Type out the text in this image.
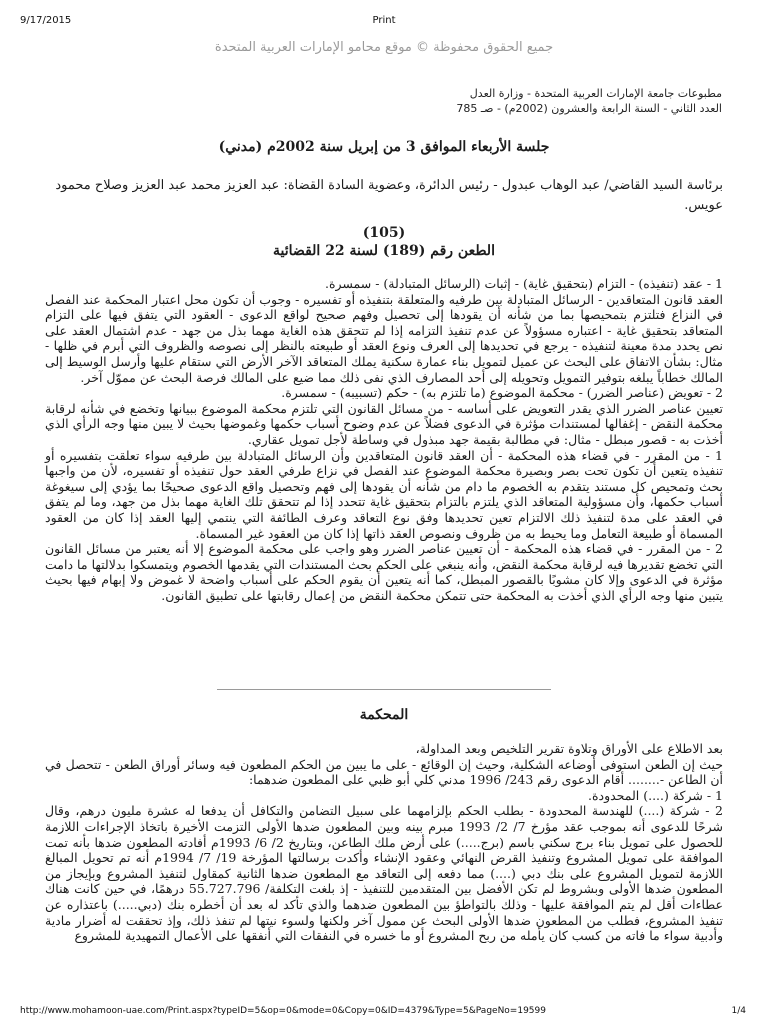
9/17/2015	Print
جميع الحقوق محفوظة © موقع محامو الإمارات العربية المتحدة
مطبوعات جامعة الإمارات العربية المتحدة - وزارة العدل
العدد الثاني - السنة الرابعة والعشرون (2002م) - صـ 785
جلسة الأربعاء الموافق 3 من إبريل سنة 2002م (مدني)
برئاسة السيد القاضي/ عبد الوهاب عبدول - رئيس الدائرة، وعضوية السادة القضاة: عبد العزيز محمد عبد العزيز وصلاح محمود عويس.
(105)
الطعن رقم (189) لسنة 22 القضائية

1 - عقد (تنفيذه) - التزام (بتحقيق غاية) - إثبات (الرسائل المتبادلة) - سمسرة.

العقد قانون المتعاقدين - الرسائل المتبادلة بين طرفيه والمتعلقة بتنفيذه أو تفسيره - وجوب أن تكون محل اعتبار المحكمة عند الفصل في النزاع فتلتزم بتمحيصها بما من شأنه أن يقودها إلى تحصيل وفهم صحيح لواقع الدعوى - العقود التي يتفق فيها على التزام المتعاقد بتحقيق غاية - اعتباره مسؤولاً عن عدم تنفيذ التزامه إذا لم تتحقق هذه الغاية مهما بذل من جهد - عدم اشتمال العقد على نص يحدد مدة معينة لتنفيذه - يرجع في تحديدها إلى العرف ونوع العقد أو طبيعته بالنظر إلى نصوصه والظروف التي أبرم في ظلها - مثال: بشأن الاتفاق على البحث عن عميل لتمويل بناء عمارة سكنية يملك المتعاقد الآخر الأرض التي ستقام عليها وأرسل الوسيط إلى المالك خطاباً يبلغه بتوفير التمويل وتحويله إلى أحد المصارف الذي نفى ذلك مما ضيع على المالك فرصة البحث عن مموّل آخر.

2 - تعويض (عناصر الضرر) - محكمة الموضوع (ما تلتزم به) - حكم (تسبيبه) - سمسرة.

تعيين عناصر الضرر الذي يقدر التعويض على أساسه - من مسائل القانون التي تلتزم محكمة الموضوع ببيانها وتخضع في شأنه لرقابة محكمة النقض - إغفالها لمستندات مؤثرة في الدعوى فضلاً عن عدم وضوح أسباب حكمها وغموضها بحيث لا يبين منها وجه الرأي الذي أخذت به - قصور مبطل - مثال: في مطالبة بقيمة جهد مبذول في وساطة لأجل تمويل عقاري.

1 - من المقرر - في قضاء هذه المحكمة - أن العقد قانون المتعاقدين وأن الرسائل المتبادلة بين طرفيه سواء تعلقت بتفسيره أو تنفيذه يتعين أن تكون تحت بصر وبصيرة محكمة الموضوع عند الفصل في نزاع طرفي العقد حول تنفيذه أو تفسيره، لأن من واجبها بحث وتمحيص كل مستند يتقدم به الخصوم ما دام من شأنه أن يقودها إلى فهم وتحصيل واقع الدعوى صحيحًا بما يؤدي إلى سيغوغة أسباب حكمها، وأن مسؤولية المتعاقد الذي يلتزم بالتزام بتحقيق غاية تتحدد إذا لم تتحقق تلك الغاية مهما بذل من جهد، وما لم يتفق في العقد على مدة لتنفيذ ذلك الالتزام تعين تحديدها وفق نوع التعاقد وعرف الطائفة التي ينتمي إليها العقد إذا كان من العقود المسماة أو طبيعة التعامل وما يحيط به من ظروف ونصوص العقد ذاتها إذا كان من العقود غير المسماة.

2 - من المقرر - في قضاء هذه المحكمة - أن تعيين عناصر الضرر وهو واجب على محكمة الموضوع إلا أنه يعتبر من مسائل القانون التي تخضع تقديرها فيه لرقابة محكمة النقض، وأنه ينبغي على الحكم بحث المستندات التي يقدمها الخصوم ويتمسكوا بدلالتها ما دامت مؤثرة في الدعوى وإلا كان مشوبًا بالقصور المبطل، كما أنه يتعين أن يقوم الحكم على أسباب واضحة لا غموض ولا إبهام فيها بحيث يتبين منها وجه الرأي الذي أخذت به المحكمة حتى تتمكن محكمة النقض من إعمال رقابتها على تطبيق القانون.

المحكمة

بعد الاطلاع على الأوراق وتلاوة تقرير التلخيص وبعد المداولة،

حيث إن الطعن استوفى أوضاعه الشكلية، وحيث إن الوقائع - على ما يبين من الحكم المطعون فيه وسائر أوراق الطعن - تتحصل في أن الطاعن -........ أقام الدعوى رقم 243/ 1996 مدني كلي أبو ظبي على المطعون ضدهما:

1 - شركة (....) المحدودة.

2 - شركة (....) للهندسة المحدودة - بطلب الحكم بإلزامهما على سبيل التضامن والتكافل أن يدفعا له عشرة مليون درهم، وقال شرحًا للدعوى أنه بموجب عقد مؤرخ 7/ 2/ 1993 مبرم بينه وبين المطعون ضدها الأولى التزمت الأخيرة باتخاذ الإجراءات اللازمة للحصول على تمويل بناء برج سكني باسم (برج.....) على أرض ملك الطاعن، وبتاريخ 2/ 6/ 1993م أفادته المطعون ضدها بأنه تمت الموافقة على تمويل المشروع وتنفيذ القرض النهائي وعقود الإنشاء وأكدت برسالتها المؤرخة 19/ 7/ 1994م أنه تم تحويل المبالغ اللازمة لتمويل المشروع على بنك دبي (....) مما دفعه إلى التعاقد مع المطعون ضدها الثانية كمقاول لتنفيذ المشروع وبإيجاز من المطعون ضدها الأولى وبشروط لم تكن الأفضل بين المتقدمين للتنفيذ - إذ بلغت التكلفة/ 55.727.796 درهمًا، في حين كانت هناك عطاءات أقل لم يتم الموافقة عليها - وذلك بالتواطؤ بين المطعون ضدهما والذي تأكد له بعد أن أخطره بنك (دبي.....) باعتذاره عن تنفيذ المشروع، فطلب من المطعون ضدها الأولى البحث عن ممول آخر ولكنها ولسوء نيتها لم تنفذ ذلك، وإذ تحققت له أضرار مادية وأدبية سواء ما فاته من كسب كان يأمله من ربح المشروع أو ما خسره في النفقات التي أنفقها على الأعمال التمهيدية للمشروع

http://www.mohamoon-uae.com/Print.aspx?typeID=5&op=0&mode=0&Copy=0&ID=4379&Type=5&PageNo=19599	1/4
